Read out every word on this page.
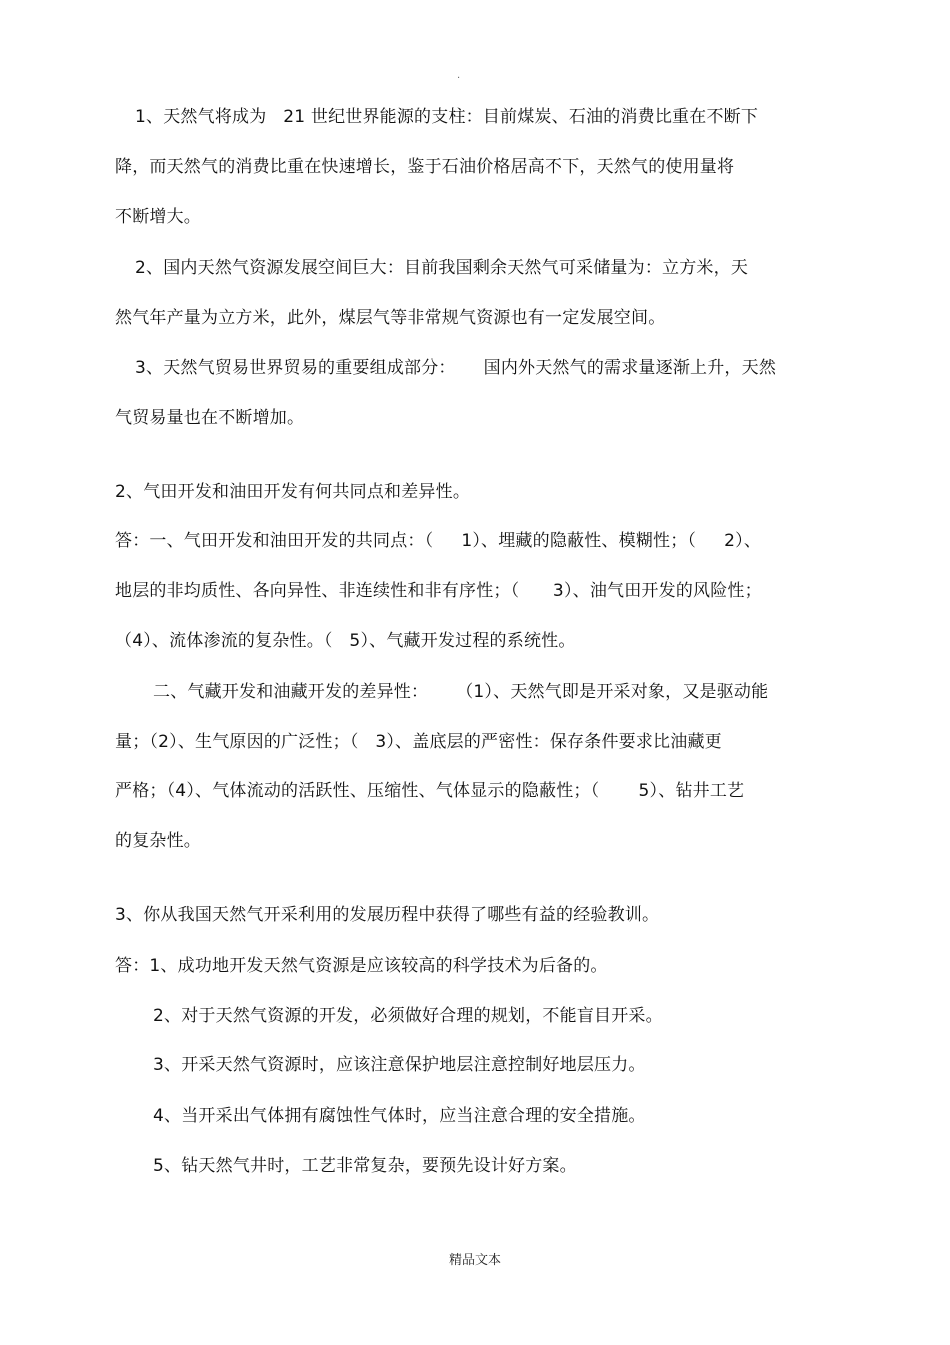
.
1、天然气将成为   21 世纪世界能源的支柱：目前煤炭、石油的消费比重在不断下
降，而天然气的消费比重在快速增长，鉴于石油价格居高不下，天然气的使用量将
不断增大。
2、国内天然气资源发展空间巨大：目前我国剩余天然气可采储量为：立方米，天
然气年产量为立方米，此外，煤层气等非常规气资源也有一定发展空间。
3、天然气贸易世界贸易的重要组成部分：     国内外天然气的需求量逐渐上升，天然
气贸易量也在不断增加。
2、气田开发和油田开发有何共同点和差异性。
答：一、气田开发和油田开发的共同点：（     1）、埋藏的隐蔽性、模糊性；（     2）、
地层的非均质性、各向异性、非连续性和非有序性；（      3）、油气田开发的风险性；
（4）、流体渗流的复杂性。（   5）、气藏开发过程的系统性。
二、气藏开发和油藏开发的差异性：     （1）、天然气即是开采对象，又是驱动能
量；（2）、生气原因的广泛性；（   3）、盖底层的严密性：保存条件要求比油藏更
严格；（4）、气体流动的活跃性、压缩性、气体显示的隐蔽性；（       5）、钻井工艺
的复杂性。
3、你从我国天然气开采利用的发展历程中获得了哪些有益的经验教训。
答：1、成功地开发天然气资源是应该较高的科学技术为后备的。
2、对于天然气资源的开发，必须做好合理的规划，不能盲目开采。
3、开采天然气资源时，应该注意保护地层注意控制好地层压力。
4、当开采出气体拥有腐蚀性气体时，应当注意合理的安全措施。
5、钻天然气井时，工艺非常复杂，要预先设计好方案。
精品文本
